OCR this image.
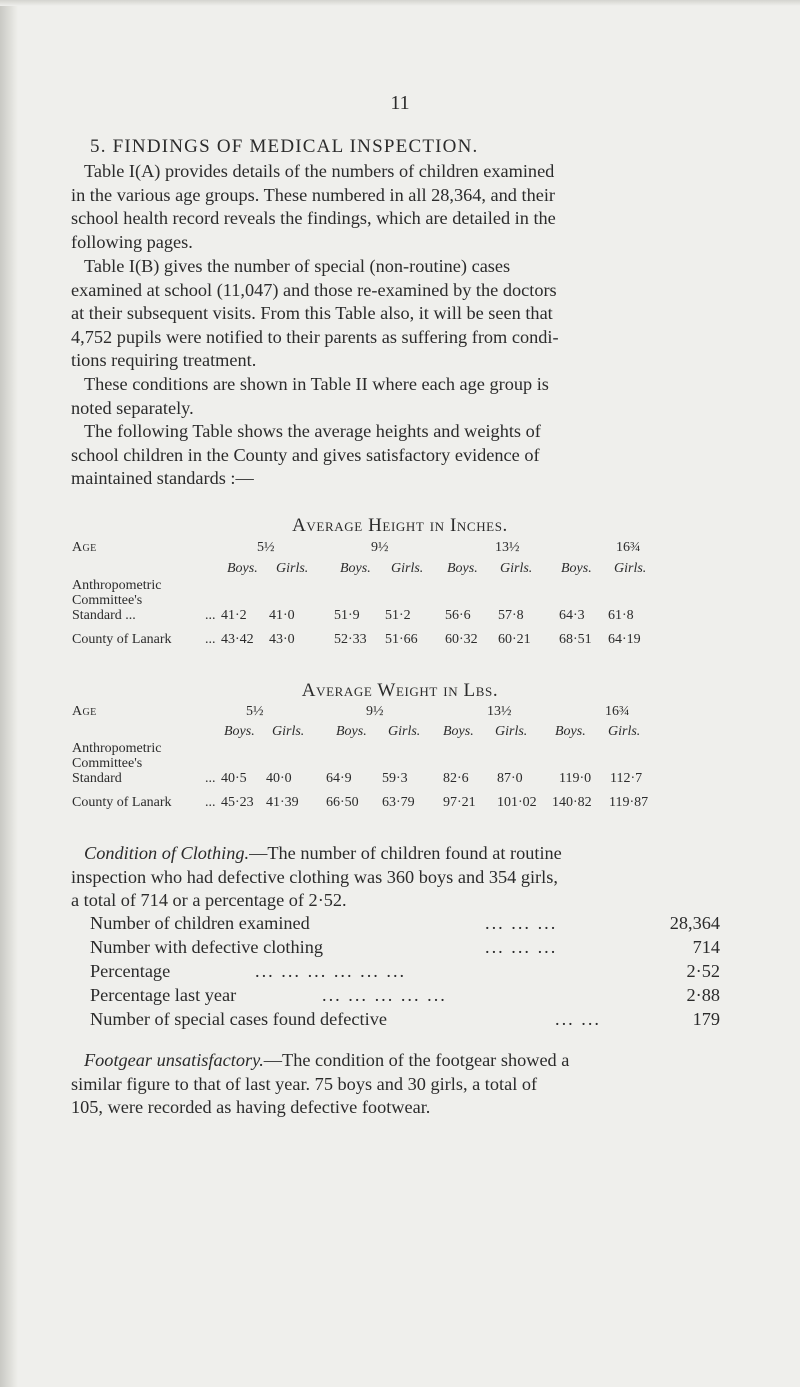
11
5. FINDINGS OF MEDICAL INSPECTION.
Table I(A) provides details of the numbers of children examined
in the various age groups. These numbered in all 28,364, and their
school health record reveals the findings, which are detailed in the
following pages.
Table I(B) gives the number of special (non-routine) cases
examined at school (11,047) and those re-examined by the doctors
at their subsequent visits. From this Table also, it will be seen that
4,752 pupils were notified to their parents as suffering from condi-
tions requiring treatment.
These conditions are shown in Table II where each age group is
noted separately.
The following Table shows the average heights and weights of
school children in the County and gives satisfactory evidence of
maintained standards :—
Average Height in Inches.
Age	5½	9½	13½	16¾
Boys. Girls. Boys. Girls. Boys. Girls. Boys. Girls.
Anthropometric
Committee's
Standard ...	... 41·2 41·0	51·9 51·2 56·6 57·8	64·3 61·8
County of Lanark ... 43·42 43·0	52·33 51·66 60·32 60·21 68·51 64·19
Average Weight in Lbs.
Age	5½	9½	13½	16¾
Boys. Girls. Boys. Girls. Boys. Girls. Boys. Girls.
Anthropometric
Committee's
Standard	... 40·5 40·0 64·9 59·3	82·6 87·0	119·0 112·7
County of Lanark ... 45·23 41·39 66·50 63·79 97·21 101·02 140·82 119·87
Condition of Clothing.—The number of children found at routine
inspection who had defective clothing was 360 boys and 354 girls,
a total of 714 or a percentage of 2·52.
Number of children examined	... ... ...	28,364
Number with defective clothing	... ... ...	714
Percentage	... ... ... ... ... ...	2·52
Percentage last year	... ... ... ... ...	2·88
Number of special cases found defective	... ...	179
Footgear unsatisfactory.—The condition of the footgear showed a
similar figure to that of last year. 75 boys and 30 girls, a total of
105, were recorded as having defective footwear.
